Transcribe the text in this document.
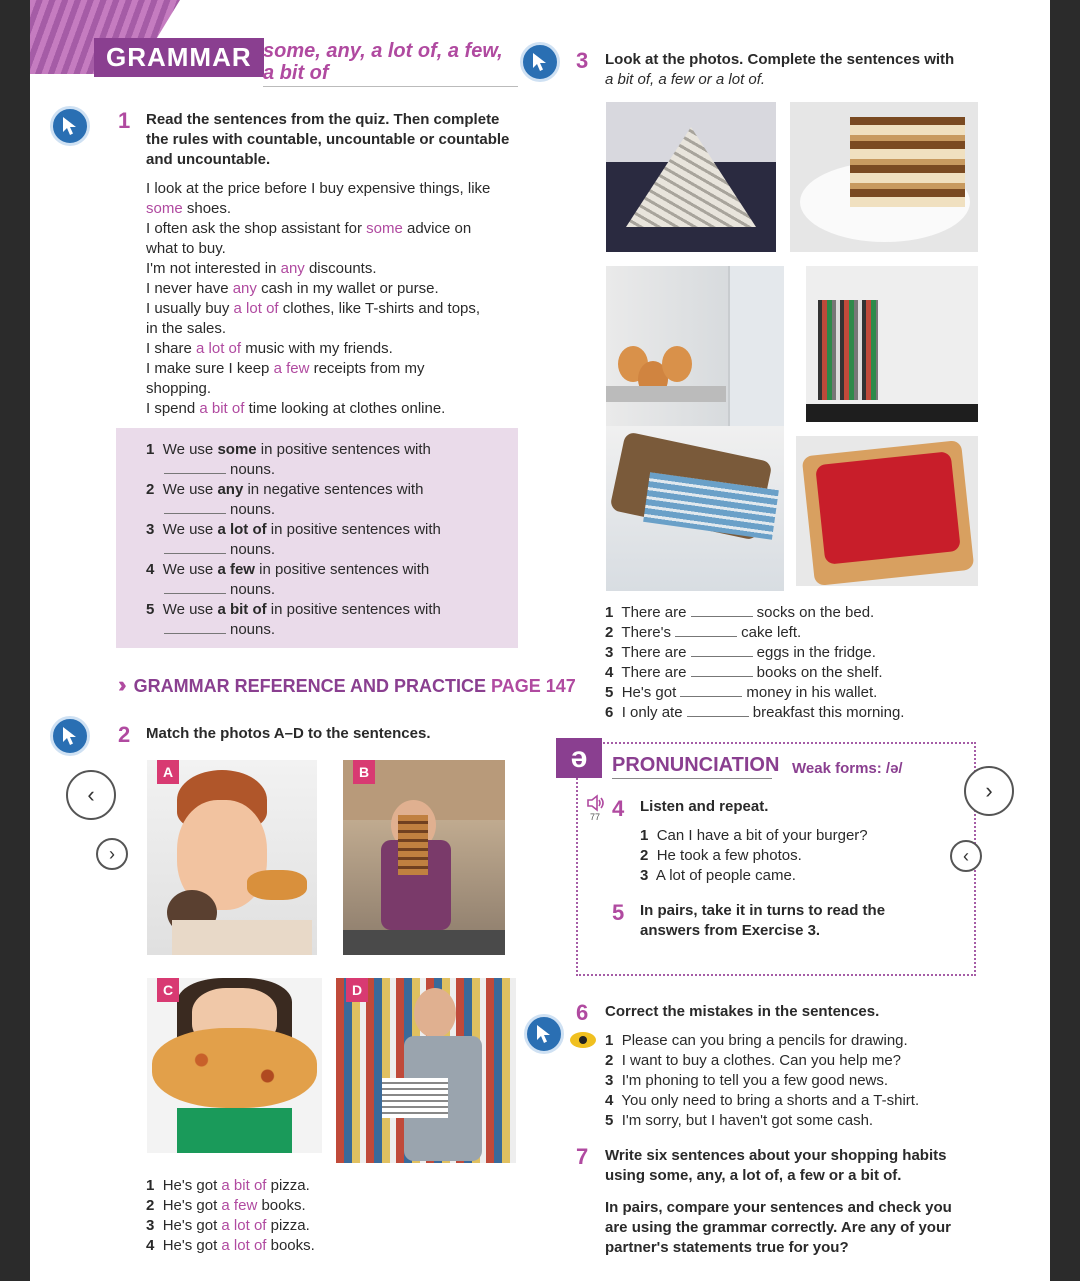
GRAMMAR some, any, a lot of, a few,
a bit of
1 Read the sentences from the quiz. Then complete
the rules with countable, uncountable or countable
and uncountable.
I look at the price before I buy expensive things, like
some shoes.
I often ask the shop assistant for some advice on
what to buy.
I'm not interested in any discounts.
I never have any cash in my wallet or purse.
I usually buy a lot of clothes, like T-shirts and tops,
in the sales.
I share a lot of music with my friends.
I make sure I keep a few receipts from my
shopping.
I spend a bit of time looking at clothes online.
1 We use some in positive sentences with
nouns.
2 We use any in negative sentences with
nouns.
3 We use a lot of in positive sentences with
nouns.
4 We use a few in positive sentences with
nouns.
5 We use a bit of in positive sentences with
nouns.
›› GRAMMAR REFERENCE AND PRACTICE PAGE 147
2 Match the photos A–D to the sentences.
A	B
C	D
1 He's got a bit of pizza.
2 He's got a few books.
3 He's got a lot of pizza.
4 He's got a lot of books.
3 Look at the photos. Complete the sentences with
a bit of, a few or a lot of.
1 There are	socks on the bed.
2 There's	cake left.
3 There are	eggs in the fridge.
4 There are	books on the shelf.
5 He's got	money in his wallet.
6 I only ate	breakfast this morning.
ə	PRONUNCIATION Weak forms: /ə/
77 4 Listen and repeat.
1 Can I have a bit of your burger?
2 He took a few photos.
3 A lot of people came.
5 In pairs, take it in turns to read the
answers from Exercise 3.
6 Correct the mistakes in the sentences.
1 Please can you bring a pencils for drawing.
2 I want to buy a clothes. Can you help me?
3 I'm phoning to tell you a few good news.
4 You only need to bring a shorts and a T-shirt.
5 I'm sorry, but I haven't got some cash.
7 Write six sentences about your shopping habits
using some, any, a lot of, a few or a bit of.
In pairs, compare your sentences and check you
are using the grammar correctly. Are any of your
partner's statements true for you?
‹
›
›
‹
